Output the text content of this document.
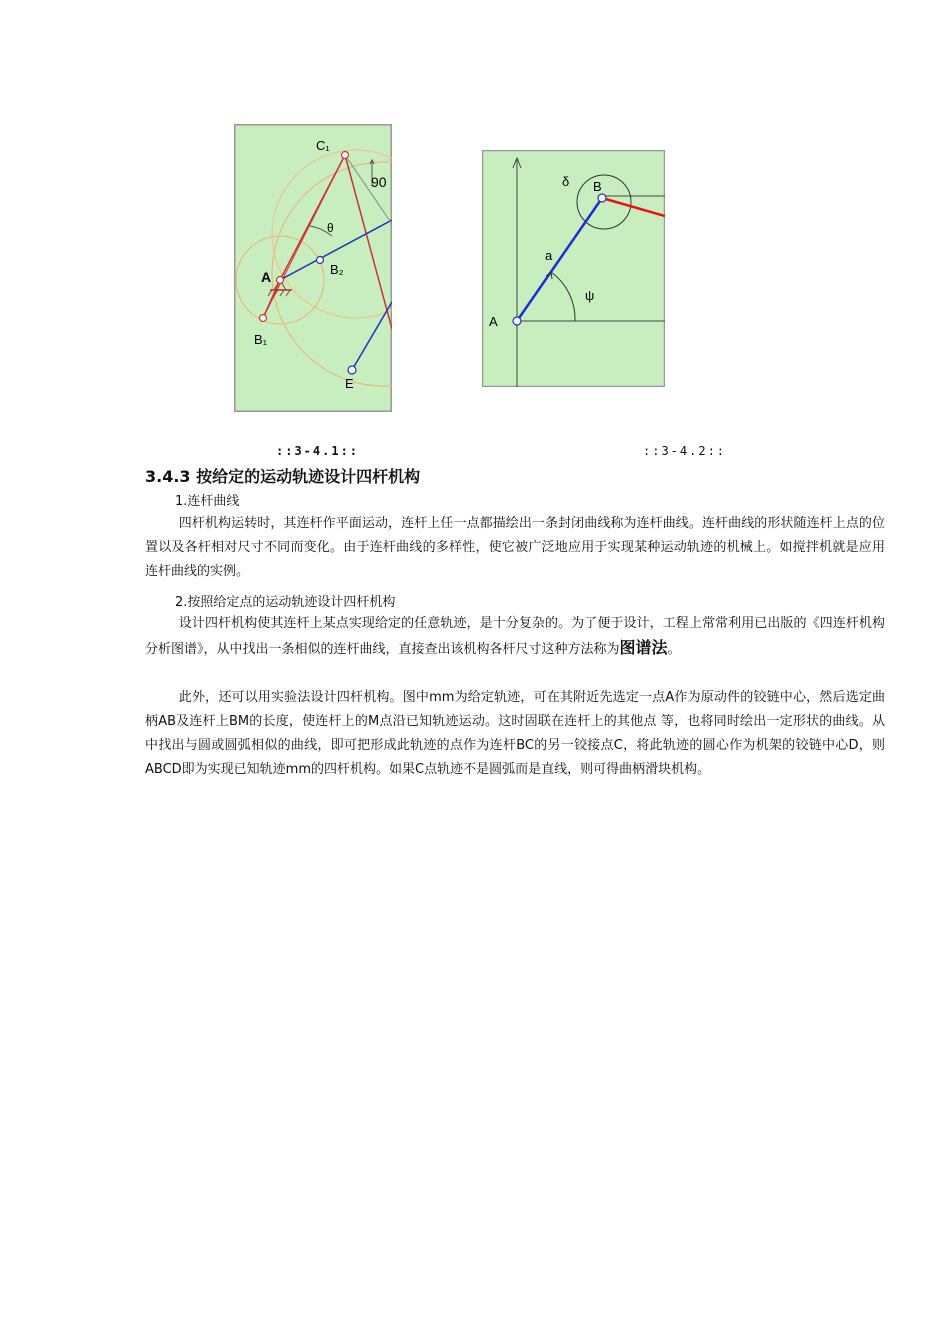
C₁
A
B₁
B₂
E
θ
90
A
B
a
ψ
δ
::3-4.1::	::3-4.2::
3.4.3 按给定的运动轨迹设计四杆机构
1.连杆曲线

四杆机构运转时，其连杆作平面运动，连杆上任一点都描绘出一条封闭曲线称为连杆曲线。连杆曲线的形状随连杆上点的位置以及各杆相对尺寸不同而变化。由于连杆曲线的多样性，使它被广泛地应用于实现某种运动轨迹的机械上。如搅拌机就是应用连杆曲线的实例。

2.按照给定点的运动轨迹设计四杆机构

设计四杆机构使其连杆上某点实现给定的任意轨迹，是十分复杂的。为了便于设计，工程上常常利用已出版的《四连杆机构分析图谱》，从中找出一条相似的连杆曲线，直接查出该机构各杆尺寸这种方法称为图谱法。

此外，还可以用实验法设计四杆机构。图中mm为给定轨迹，可在其附近先选定一点A作为原动件的铰链中心，然后选定曲柄AB及连杆上BM的长度，使连杆上的M点沿已知轨迹运动。这时固联在连杆上的其他点 等，也将同时绘出一定形状的曲线。从中找出与圆或圆弧相似的曲线，即可把形成此轨迹的点作为连杆BC的另一铰接点C，将此轨迹的圆心作为机架的铰链中心D，则ABCD即为实现已知轨迹mm的四杆机构。如果C点轨迹不是圆弧而是直线，则可得曲柄滑块机构。
